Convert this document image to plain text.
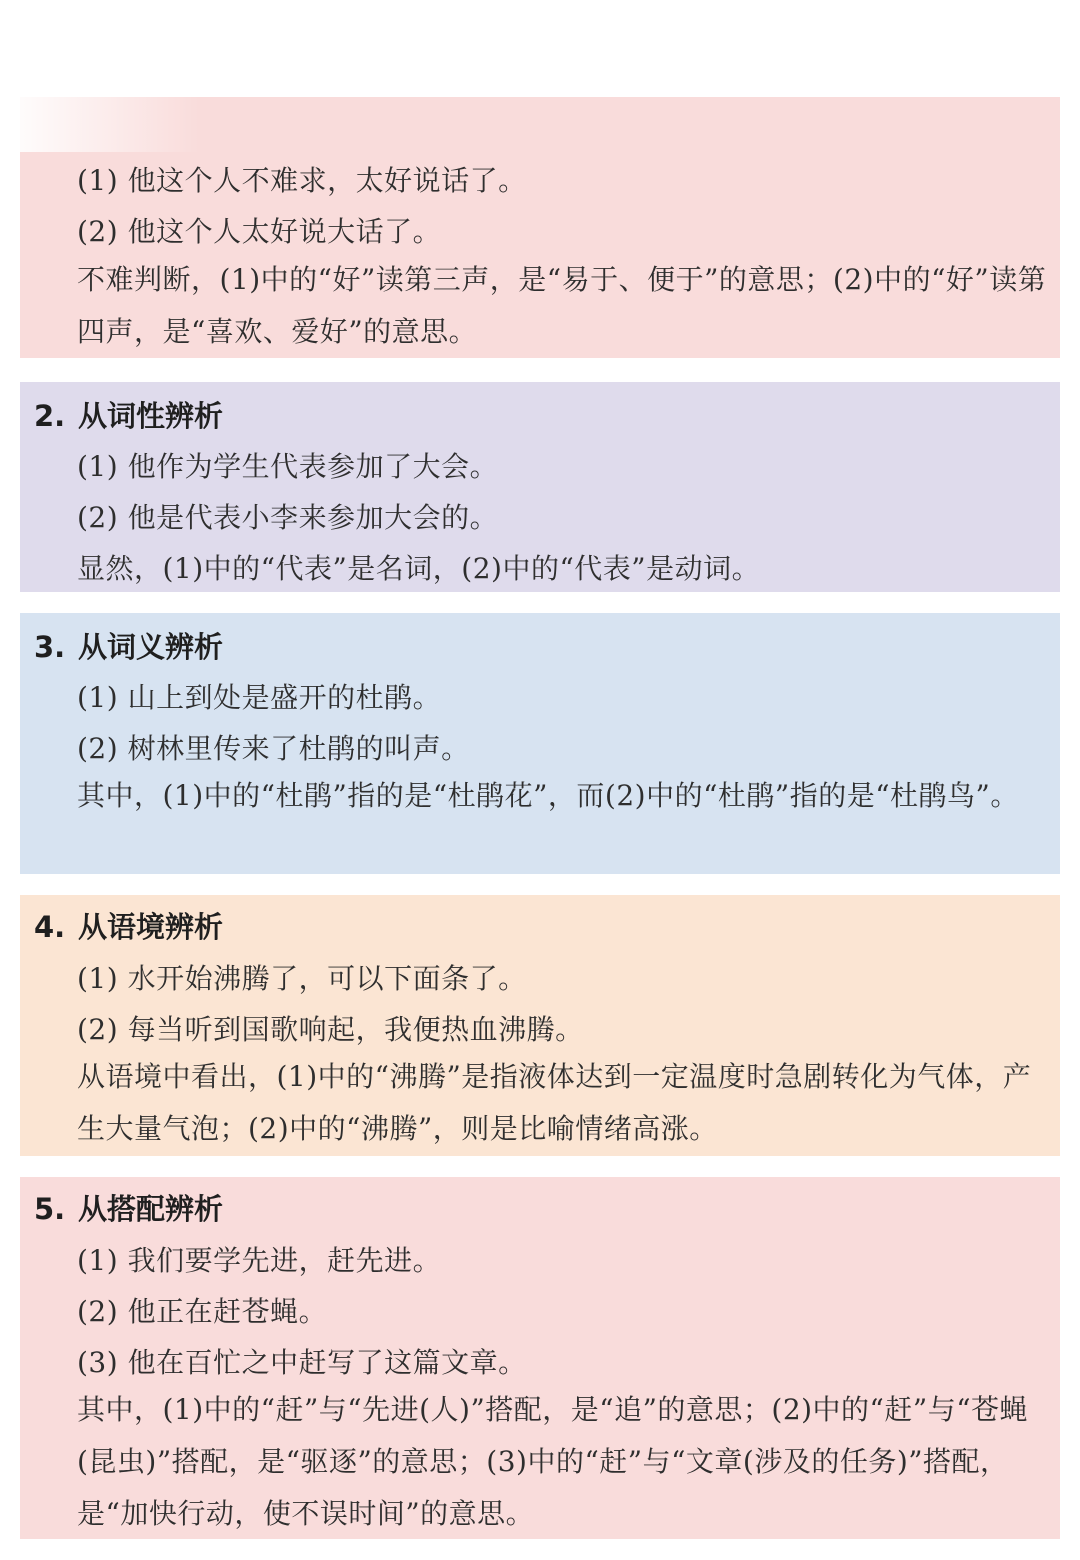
(1) 他这个人不难求，太好说话了。
(2) 他这个人太好说大话了。
不难判断，(1)中的“好”读第三声，是“易于、便于”的意思；(2)中的“好”读第四声，是“喜欢、爱好”的意思。
2. 从词性辨析
(1) 他作为学生代表参加了大会。
(2) 他是代表小李来参加大会的。
显然，(1)中的“代表”是名词，(2)中的“代表”是动词。
3. 从词义辨析
(1) 山上到处是盛开的杜鹃。
(2) 树林里传来了杜鹃的叫声。
其中，(1)中的“杜鹃”指的是“杜鹃花”，而(2)中的“杜鹃”指的是“杜鹃鸟”。
4. 从语境辨析
(1) 水开始沸腾了，可以下面条了。
(2) 每当听到国歌响起，我便热血沸腾。
从语境中看出，(1)中的“沸腾”是指液体达到一定温度时急剧转化为气体，产生大量气泡；(2)中的“沸腾”，则是比喻情绪高涨。
5. 从搭配辨析
(1) 我们要学先进，赶先进。
(2) 他正在赶苍蝇。
(3) 他在百忙之中赶写了这篇文章。
其中，(1)中的“赶”与“先进(人)”搭配，是“追”的意思；(2)中的“赶”与“苍蝇(昆虫)”搭配，是“驱逐”的意思；(3)中的“赶”与“文章(涉及的任务)”搭配，是“加快行动，使不误时间”的意思。
